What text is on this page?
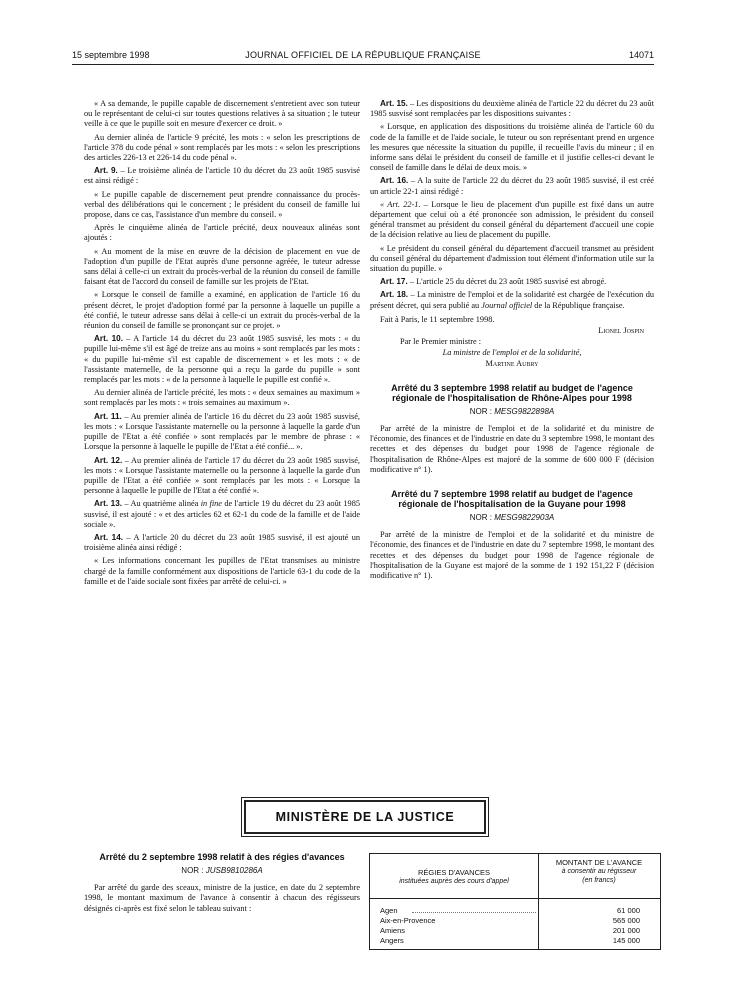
15 septembre 1998	JOURNAL OFFICIEL DE LA RÉPUBLIQUE FRANÇAISE	14071

« A sa demande, le pupille capable de discernement s'entretient avec son tuteur ou le représentant de celui-ci sur toutes questions relatives à sa situation ; le tuteur veille à ce que le pupille soit en mesure d'exercer ce droit. »

Au dernier alinéa de l'article 9 précité, les mots : « selon les prescriptions de l'article 378 du code pénal » sont remplacés par les mots : « selon les prescriptions des articles 226-13 et 226-14 du code pénal ».

Art. 9. – Le troisième alinéa de l'article 10 du décret du 23 août 1985 susvisé est ainsi rédigé :

« Le pupille capable de discernement peut prendre connaissance du procès-verbal des délibérations qui le concernent ; le président du conseil de famille lui propose, dans ce cas, l'assistance d'un membre du conseil. »

Après le cinquième alinéa de l'article précité, deux nouveaux alinéas sont ajoutés :

« Au moment de la mise en œuvre de la décision de placement en vue de l'adoption d'un pupille de l'Etat auprès d'une personne agréée, le tuteur adresse sans délai à celle-ci un extrait du procès-verbal de la réunion du conseil de famille faisant état de l'accord du conseil de famille sur les projets de l'Etat.

« Lorsque le conseil de famille a examiné, en application de l'article 16 du présent décret, le projet d'adoption formé par la personne à laquelle un pupille a été confié, le tuteur adresse sans délai à celle-ci un extrait du procès-verbal de la réunion du conseil de famille se prononçant sur ce projet. »

Art. 10. – A l'article 14 du décret du 23 août 1985 susvisé, les mots : « du pupille lui-même s'il est âgé de treize ans au moins » sont remplacés par les mots : « du pupille lui-même s'il est capable de discernement » et les mots : « de l'assistante maternelle, de la personne qui a reçu la garde du pupille » sont remplacés par les mots : « de la personne à laquelle le pupille est confié ».

Au dernier alinéa de l'article précité, les mots : « deux semaines au maximum » sont remplacés par les mots : « trois semaines au maximum ».

Art. 11. – Au premier alinéa de l'article 16 du décret du 23 août 1985 susvisé, les mots : « Lorsque l'assistante maternelle ou la personne à laquelle la garde d'un pupille de l'Etat a été confiée » sont remplacés par le membre de phrase : « Lorsque la personne à laquelle le pupille de l'Etat a été confié... ».

Art. 12. – Au premier alinéa de l'article 17 du décret du 23 août 1985 susvisé, les mots : « Lorsque l'assistante maternelle ou la personne à laquelle la garde d'un pupille de l'Etat a été confiée » sont remplacés par les mots : « Lorsque la personne à laquelle le pupille de l'Etat a été confié ».

Art. 13. – Au quatrième alinéa in fine de l'article 19 du décret du 23 août 1985 susvisé, il est ajouté : « et des articles 62 et 62-1 du code de la famille et de l'aide sociale ».

Art. 14. – A l'article 20 du décret du 23 août 1985 susvisé, il est ajouté un troisième alinéa ainsi rédigé :

« Les informations concernant les pupilles de l'Etat transmises au ministre chargé de la famille conformément aux dispositions de l'article 63-1 du code de la famille et de l'aide sociale sont fixées par arrêté de celui-ci. »

Art. 15. – Les dispositions du deuxième alinéa de l'article 22 du décret du 23 août 1985 susvisé sont remplacées par les dispositions suivantes :

« Lorsque, en application des dispositions du troisième alinéa de l'article 60 du code de la famille et de l'aide sociale, le tuteur ou son représentant prend en urgence les mesures que nécessite la situation du pupille, il recueille l'avis du mineur ; il en informe sans délai le président du conseil de famille et il justifie celles-ci devant le conseil de famille dans le délai de deux mois. »

Art. 16. – A la suite de l'article 22 du décret du 23 août 1985 susvisé, il est créé un article 22-1 ainsi rédigé :

« Art. 22-1. – Lorsque le lieu de placement d'un pupille est fixé dans un autre département que celui où a été prononcée son admission, le président du conseil général transmet au président du conseil général du département d'accueil une copie de la décision relative au lieu de placement du pupille.

« Le président du conseil général du département d'accueil transmet au président du conseil général du département d'admission tout élément d'information utile sur la situation du pupille. »

Art. 17. – L'article 25 du décret du 23 août 1985 susvisé est abrogé.

Art. 18. – La ministre de l'emploi et de la solidarité est chargée de l'exécution du présent décret, qui sera publié au Journal officiel de la République française.

Fait à Paris, le 11 septembre 1998.

Lionel Jospin
Par le Premier ministre :
La ministre de l'emploi et de la solidarité,
Martine Aubry
Arrêté du 3 septembre 1998 relatif au budget de l'agence régionale de l'hospitalisation de Rhône-Alpes pour 1998
NOR : MESG9822898A

Par arrêté de la ministre de l'emploi et de la solidarité et du ministre de l'économie, des finances et de l'industrie en date du 3 septembre 1998, le montant des recettes et des dépenses du budget pour 1998 de l'agence régionale de l'hospitalisation de Rhône-Alpes est majoré de la somme de 600 000 F (décision modificative n° 1).

Arrêté du 7 septembre 1998 relatif au budget de l'agence régionale de l'hospitalisation de la Guyane pour 1998
NOR : MESG9822903A

Par arrêté de la ministre de l'emploi et de la solidarité et du ministre de l'économie, des finances et de l'industrie en date du 7 septembre 1998, le montant des recettes et des dépenses du budget pour 1998 de l'agence régionale de l'hospitalisation de la Guyane est majoré de la somme de 1 192 151,22 F (décision modificative n° 1).

MINISTÈRE DE LA JUSTICE
Arrêté du 2 septembre 1998 relatif à des régies d'avances
NOR : JUSB9810286A

Par arrêté du garde des sceaux, ministre de la justice, en date du 2 septembre 1998, le montant maximum de l'avance à consentir à chacun des régisseurs désignés ci-après est fixé selon le tableau suivant :

RÉGIES D'AVANCES
instituées auprès des cours d'appel
MONTANT DE L'AVANCE
à consentir au régisseur
(en francs)
Agen	61 000
Aix-en-Provence	565 000
Amiens	201 000
Angers	145 000
